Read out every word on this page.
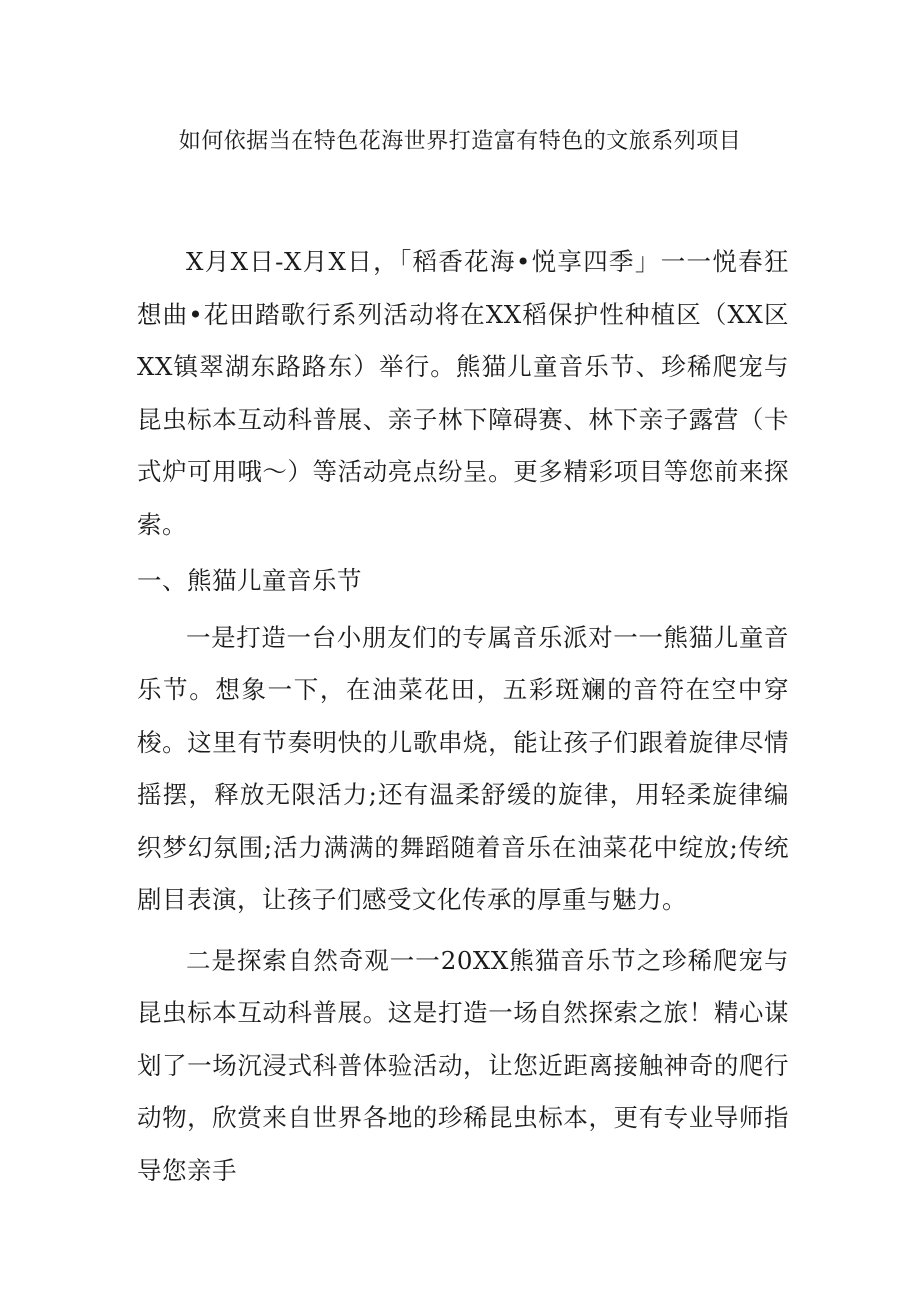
如何依据当在特色花海世界打造富有特色的文旅系列项目

X月X日-X月X日，「稻香花海•悦享四季」一一悦春狂想曲•花田踏歌行系列活动将在XX稻保护性种植区（XX区XX镇翠湖东路路东）举行。熊猫儿童音乐节、珍稀爬宠与昆虫标本互动科普展、亲子林下障碍赛、林下亲子露营（卡式炉可用哦～）等活动亮点纷呈。更多精彩项目等您前来探索。

一、熊猫儿童音乐节

一是打造一台小朋友们的专属音乐派对一一熊猫儿童音乐节。想象一下，在油菜花田，五彩斑斓的音符在空中穿梭。这里有节奏明快的儿歌串烧，能让孩子们跟着旋律尽情摇摆，释放无限活力;还有温柔舒缓的旋律，用轻柔旋律编织梦幻氛围;活力满满的舞蹈随着音乐在油菜花中绽放;传统剧目表演，让孩子们感受文化传承的厚重与魅力。

二是探索自然奇观一一20XX熊猫音乐节之珍稀爬宠与昆虫标本互动科普展。这是打造一场自然探索之旅！精心谋划了一场沉浸式科普体验活动，让您近距离接触神奇的爬行动物，欣赏来自世界各地的珍稀昆虫标本，更有专业导师指导您亲手
